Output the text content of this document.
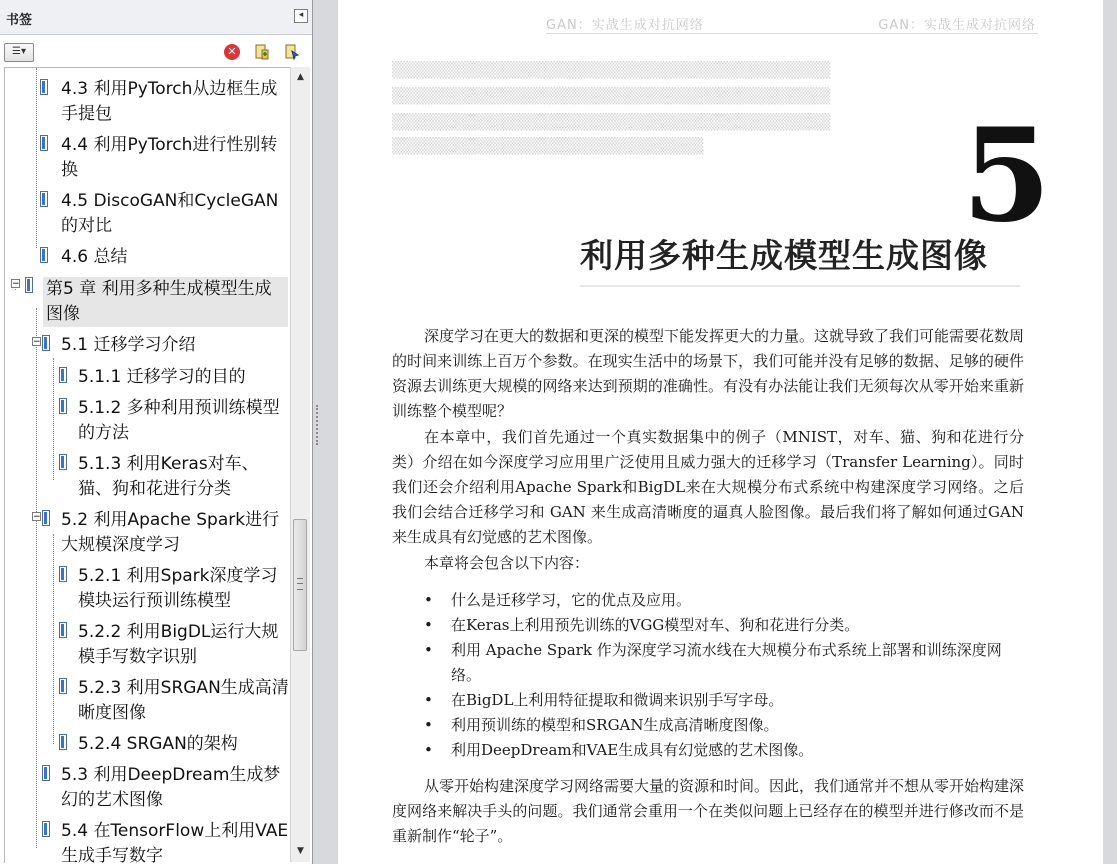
书签	◂
☰▾	✕
4.3 利用PyTorch从边框生成手提包
4.4 利用PyTorch进行性别转换
4.5 DiscoGAN和CycleGAN的对比
4.6 总结
− 第5 章 利用多种生成模型生成图像
−	5.1 迁移学习介绍
5.1.1 迁移学习的目的
5.1.2 多种利用预训练模型的方法
5.1.3 利用Keras对车、猫、狗和花进行分类
−	5.2 利用Apache Spark进行大规模深度学习
5.2.1 利用Spark深度学习模块运行预训练模型
5.2.2 利用BigDL运行大规模手写数字识别
5.2.3 利用SRGAN生成高清晰度图像
5.2.4 SRGAN的架构
5.3 利用DeepDream生成梦幻的艺术图像
5.4 在TensorFlow上利用VAE生成手写数字
▲
▼
GAN：实战生成对抗网络	GAN：实战生成对抗网络
▒▒▒▒▒▒▒▒▒▒▒▒▒▒▒▒▒▒▒▒▒▒▒▒▒▒▒▒▒▒▒▒▒▒▒▒▒▒
▒▒▒▒▒▒▒▒▒▒▒▒▒▒▒▒▒▒▒▒▒▒▒▒▒▒▒▒▒▒▒▒▒▒▒▒▒▒
▒▒▒▒▒▒▒▒▒▒▒▒▒▒▒▒▒▒▒▒▒▒▒▒▒▒▒▒▒▒▒▒▒▒▒▒▒▒
▒▒▒▒▒▒▒▒▒▒▒▒▒▒▒▒▒▒▒▒▒▒▒▒▒▒▒	5
利用多种生成模型生成图像
深度学习在更大的数据和更深的模型下能发挥更大的力量。这就导致了我们可能需要花数周的时间来训练上百万个参数。在现实生活中的场景下，我们可能并没有足够的数据、足够的硬件资源去训练更大规模的网络来达到预期的准确性。有没有办法能让我们无须每次从零开始来重新训练整个模型呢？
在本章中，我们首先通过一个真实数据集中的例子（MNIST，对车、猫、狗和花进行分类）介绍在如今深度学习应用里广泛使用且威力强大的迁移学习（Transfer Learning）。同时我们还会介绍利用Apache Spark和BigDL来在大规模分布式系统中构建深度学习网络。之后我们会结合迁移学习和 GAN 来生成高清晰度的逼真人脸图像。最后我们将了解如何通过GAN来生成具有幻觉感的艺术图像。
本章将会包含以下内容：
• 什么是迁移学习，它的优点及应用。
• 在Keras上利用预先训练的VGG模型对车、狗和花进行分类。
• 利用 Apache Spark 作为深度学习流水线在大规模分布式系统上部署和训练深度网络。
• 在BigDL上利用特征提取和微调来识别手写字母。
• 利用预训练的模型和SRGAN生成高清晰度图像。
• 利用DeepDream和VAE生成具有幻觉感的艺术图像。
从零开始构建深度学习网络需要大量的资源和时间。因此，我们通常并不想从零开始构建深度网络来解决手头的问题。我们通常会重用一个在类似问题上已经存在的模型并进行修改而不是重新制作“轮子”。
